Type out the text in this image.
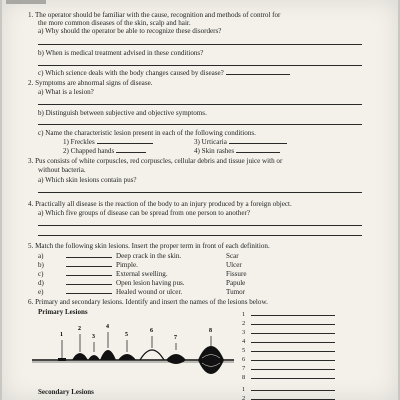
1. The operator should be familiar with the cause, recognition and methods of control for
the more common diseases of the skin, scalp and hair.
a) Why should the operator be able to recognize these disorders?
b) When is medical treatment advised in these conditions?
c) Which science deals with the body changes caused by disease?
2. Symptoms are abnormal signs of disease.
a) What is a lesion?
b) Distinguish between subjective and objective symptoms.
c) Name the characteristic lesion present in each of the following conditions.
1) Freckles
2) Chapped hands
3) Urticaria
4) Skin rashes
3. Pus consists of white corpuscles, red corpuscles, cellular debris and tissue juice with or
without bacteria.
a) Which skin lesions contain pus?
4. Practically all disease is the reaction of the body to an injury produced by a foreign object.
a) Which five groups of disease can be spread from one person to another?
5. Match the following skin lesions. Insert the proper term in front of each definition.
a)
b)
c)
d)
e)
Deep crack in the skin.
Pimple.
External swelling.
Open lesion having pus.
Healed wound or ulcer.
Scar
Ulcer
Fissure
Papule
Tumor
6. Primary and secondary lesions. Identify and insert the names of the lesions below.
Primary Lesions
Secondary Lesions
1
2
3
4
5
6
7
8
1
2
1
2
3
4
5
6
7
8
